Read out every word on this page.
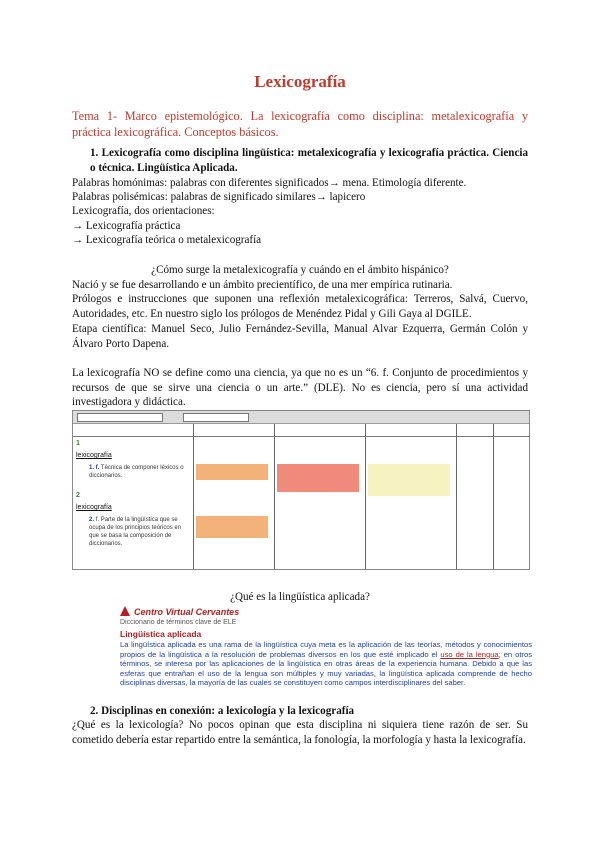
Lexicografía
Tema 1- Marco epistemológico. La lexicografía como disciplina: metalexicografía y práctica lexicográfica. Conceptos básicos.
1. Lexicografía como disciplina lingüística: metalexicografía y lexicografía práctica. Ciencia o técnica. Lingüística Aplicada.
Palabras homónimas: palabras con diferentes significados→ mena. Etimología diferente.
Palabras polisémicas: palabras de significado similares→ lapicero
Lexicografía, dos orientaciones:
→ Lexicografía práctica
→ Lexicografía teórica o metalexicografía
¿Cómo surge la metalexicografía y cuándo en el ámbito hispánico?
Nació y se fue desarrollando e un ámbito precientífico, de una mer empírica rutinaria.
Prólogos e instrucciones que suponen una reflexión metalexicográfica: Terreros, Salvá, Cuervo, Autoridades, etc. En nuestro siglo los prólogos de Menéndez Pidal y Gili Gaya al DGILE.
Etapa científica: Manuel Seco, Julio Fernández-Sevilla, Manual Alvar Ezquerra, Germán Colón y Álvaro Porto Dapena.
La lexicografía NO se define como una ciencia, ya que no es un “6. f. Conjunto de procedimientos y recursos de que se sirve una ciencia o un arte.” (DLE). No es ciencia, pero sí una actividad investigadora y didáctica.
1
lexicografía
1. f. Técnica de componer léxicos o diccionarios.
2
lexicografía
2. f. Parte de la lingüística que se ocupa de los principios teóricos en que se basa la composición de diccionarios.
¿Qué es la lingüística aplicada?
Centro Virtual Cervantes
Diccionario de términos clave de ELE
Lingüística aplicada
La lingüística aplicada es una rama de la lingüística cuya meta es la aplicación de las teorías, métodos y conocimientos propios de la lingüística a la resolución de problemas diversos en los que esté implicado el uso de la lengua; en otros términos, se interesa por las aplicaciones de la lingüística en otras áreas de la experiencia humana. Debido a que las esferas que entrañan el uso de la lengua son múltiples y muy variadas, la lingüística aplicada comprende de hecho disciplinas diversas, la mayoría de las cuales se constituyen como campos interdisciplinares del saber.
2. Disciplinas en conexión: a lexicología y la lexicografía
¿Qué es la lexicología? No pocos opinan que esta disciplina ni siquiera tiene razón de ser. Su cometido debería estar repartido entre la semántica, la fonología, la morfología y hasta la lexicografía.
